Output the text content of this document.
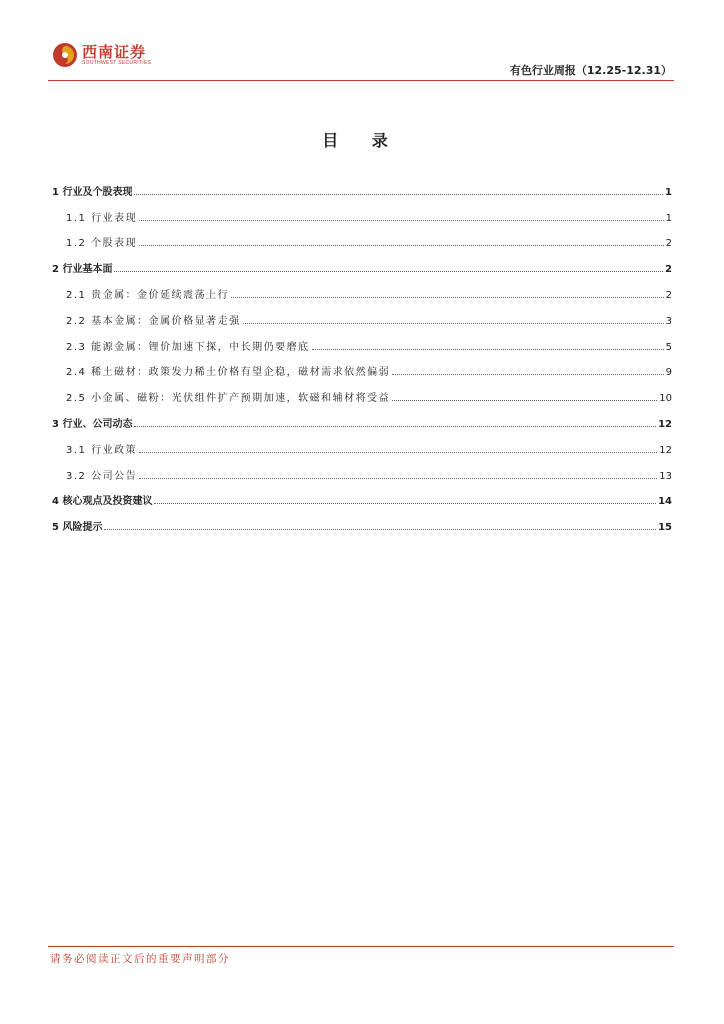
西南证券
SOUTHWEST SECURITIES
有色行业周报（12.25-12.31）
目 录
1 行业及个股表现	1
1.1 行业表现	1
1.2 个股表现	2
2 行业基本面	2
2.1 贵金属：金价延续震荡上行	2
2.2 基本金属：金属价格显著走强	3
2.3 能源金属：锂价加速下探，中长期仍要磨底	5
2.4 稀土磁材：政策发力稀土价格有望企稳，磁材需求依然偏弱	9
2.5 小金属、磁粉：光伏组件扩产预期加速，软磁和辅材将受益	10
3 行业、公司动态	12
3.1 行业政策	12
3.2 公司公告	13
4 核心观点及投资建议	14
5 风险提示	15
请务必阅读正文后的重要声明部分
